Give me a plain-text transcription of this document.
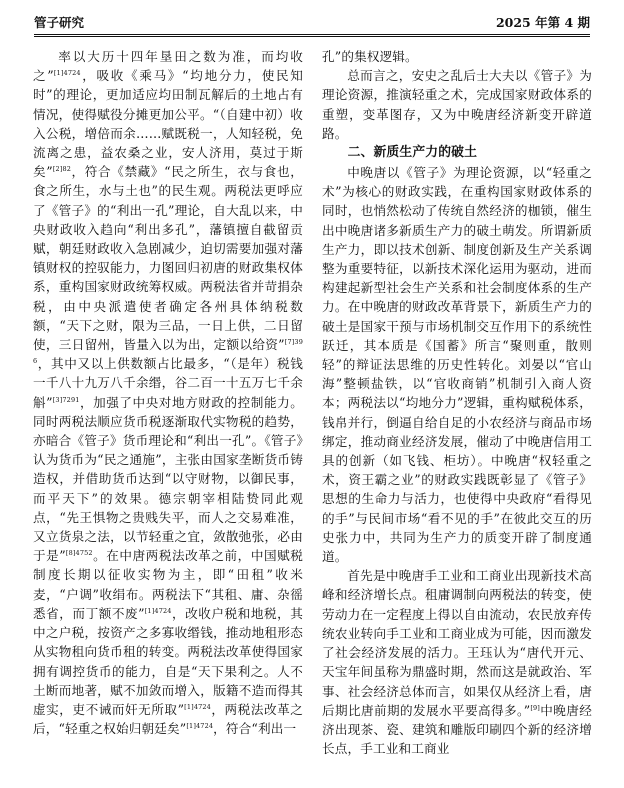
管子研究	2025 年第 4 期

率以大历十四年垦田之数为准，而均收之”$^{[1]4724}$，吸收《乘马》“均地分力，使民知时”的理论，更加适应均田制瓦解后的土地占有情况，使得赋役分摊更加公平。“（自建中初）收入公税，增倍而余……赋既税一，人知轻税，免流离之患，益农桑之业，安人济用，莫过于斯矣”$^{[2]82}$，符合《禁藏》“民之所生，衣与食也，食之所生，水与土也”的民生观。两税法更呼应了《管子》的“利出一孔”理论，自大乱以来，中央财政收入趋向“利出多孔”，藩镇擅自截留贡赋，朝廷财政收入急剧减少，迫切需要加强对藩镇财权的控驭能力，力图回归初唐的财政集权体系，重构国家财政统筹权威。两税法省并苛捐杂税，由中央派遣使者确定各州具体纳税数额，“天下之财，限为三品，一日上供，二日留使，三日留州，皆量入以为出，定额以给资”$^{[7]396}$，其中又以上供数额占比最多，“（是年）税钱一千八十九万八千余缗，谷二百一十五万七千余斛”$^{[3]7291}$，加强了中央对地方财政的控制能力。同时两税法顺应货币税逐渐取代实物税的趋势，亦暗合《管子》货币理论和“利出一孔”。《管子》认为货币为“民之通施”，主张由国家垄断货币铸造权，并借助货币达到“以守财物，以御民事，而平天下”的效果。德宗朝宰相陆贽同此观点，“先王惧物之贵贱失平，而人之交易难准，又立货泉之法，以节轻重之宜，敛散弛张，必由于是”$^{[8]4752}$。在中唐两税法改革之前，中国赋税制度长期以征收实物为主，即“田租”收米麦，“户调”收绢布。两税法下“其租、庸、杂徭悉省，而丁额不废”$^{[1]4724}$，改收户税和地税，其中之户税，按资产之多寡收缗钱，推动地租形态从实物租向货币租的转变。两税法改革使得国家拥有调控货币的能力，自是“天下果利之。人不土断而地著，赋不加敛而增入，版籍不造而得其虚实，吏不诫而奸无所取”$^{[1]4724}$，两税法改革之后，“轻重之权始归朝廷矣”$^{[1]4724}$，符合“利出一

孔”的集权逻辑。

总而言之，安史之乱后士大夫以《管子》为理论资源，推演轻重之术，完成国家财政体系的重塑，变革图存，又为中晚唐经济新变开辟道路。

二、新质生产力的破土

中晚唐以《管子》为理论资源，以“轻重之术”为核心的财政实践，在重构国家财政体系的同时，也悄然松动了传统自然经济的枷锁，催生出中晚唐诸多新质生产力的破土萌发。所谓新质生产力，即以技术创新、制度创新及生产关系调整为重要特征，以新技术深化运用为驱动，进而构建起新型社会生产关系和社会制度体系的生产力。在中晚唐的财政改革背景下，新质生产力的破土是国家干预与市场机制交互作用下的系统性跃迁，其本质是《国蓄》所言“聚则重，散则轻”的辩证法思维的历史性转化。刘晏以“官山海”整顿盐铁，以“官收商销”机制引入商人资本；两税法以“均地分力”逻辑，重构赋税体系，钱帛并行，倒逼自给自足的小农经济与商品市场绑定，推动商业经济发展，催动了中晚唐信用工具的创新（如飞钱、柜坊）。中晚唐“权轻重之术，资王霸之业”的财政实践既彰显了《管子》思想的生命力与活力，也使得中央政府“看得见的手”与民间市场“看不见的手”在彼此交互的历史张力中，共同为生产力的质变开辟了制度通道。

首先是中晚唐手工业和工商业出现新技术高峰和经济增长点。租庸调制向两税法的转变，使劳动力在一定程度上得以自由流动，农民放弃传统农业转向手工业和工商业成为可能，因而激发了社会经济发展的活力。王珏认为“唐代开元、天宝年间虽称为鼎盛时期，然而这是就政治、军事、社会经济总体而言，如果仅从经济上看，唐后期比唐前期的发展水平要高得多。”[9]中晚唐经济出现茶、瓷、建筑和雕版印刷四个新的经济增长点，手工业和工商业
